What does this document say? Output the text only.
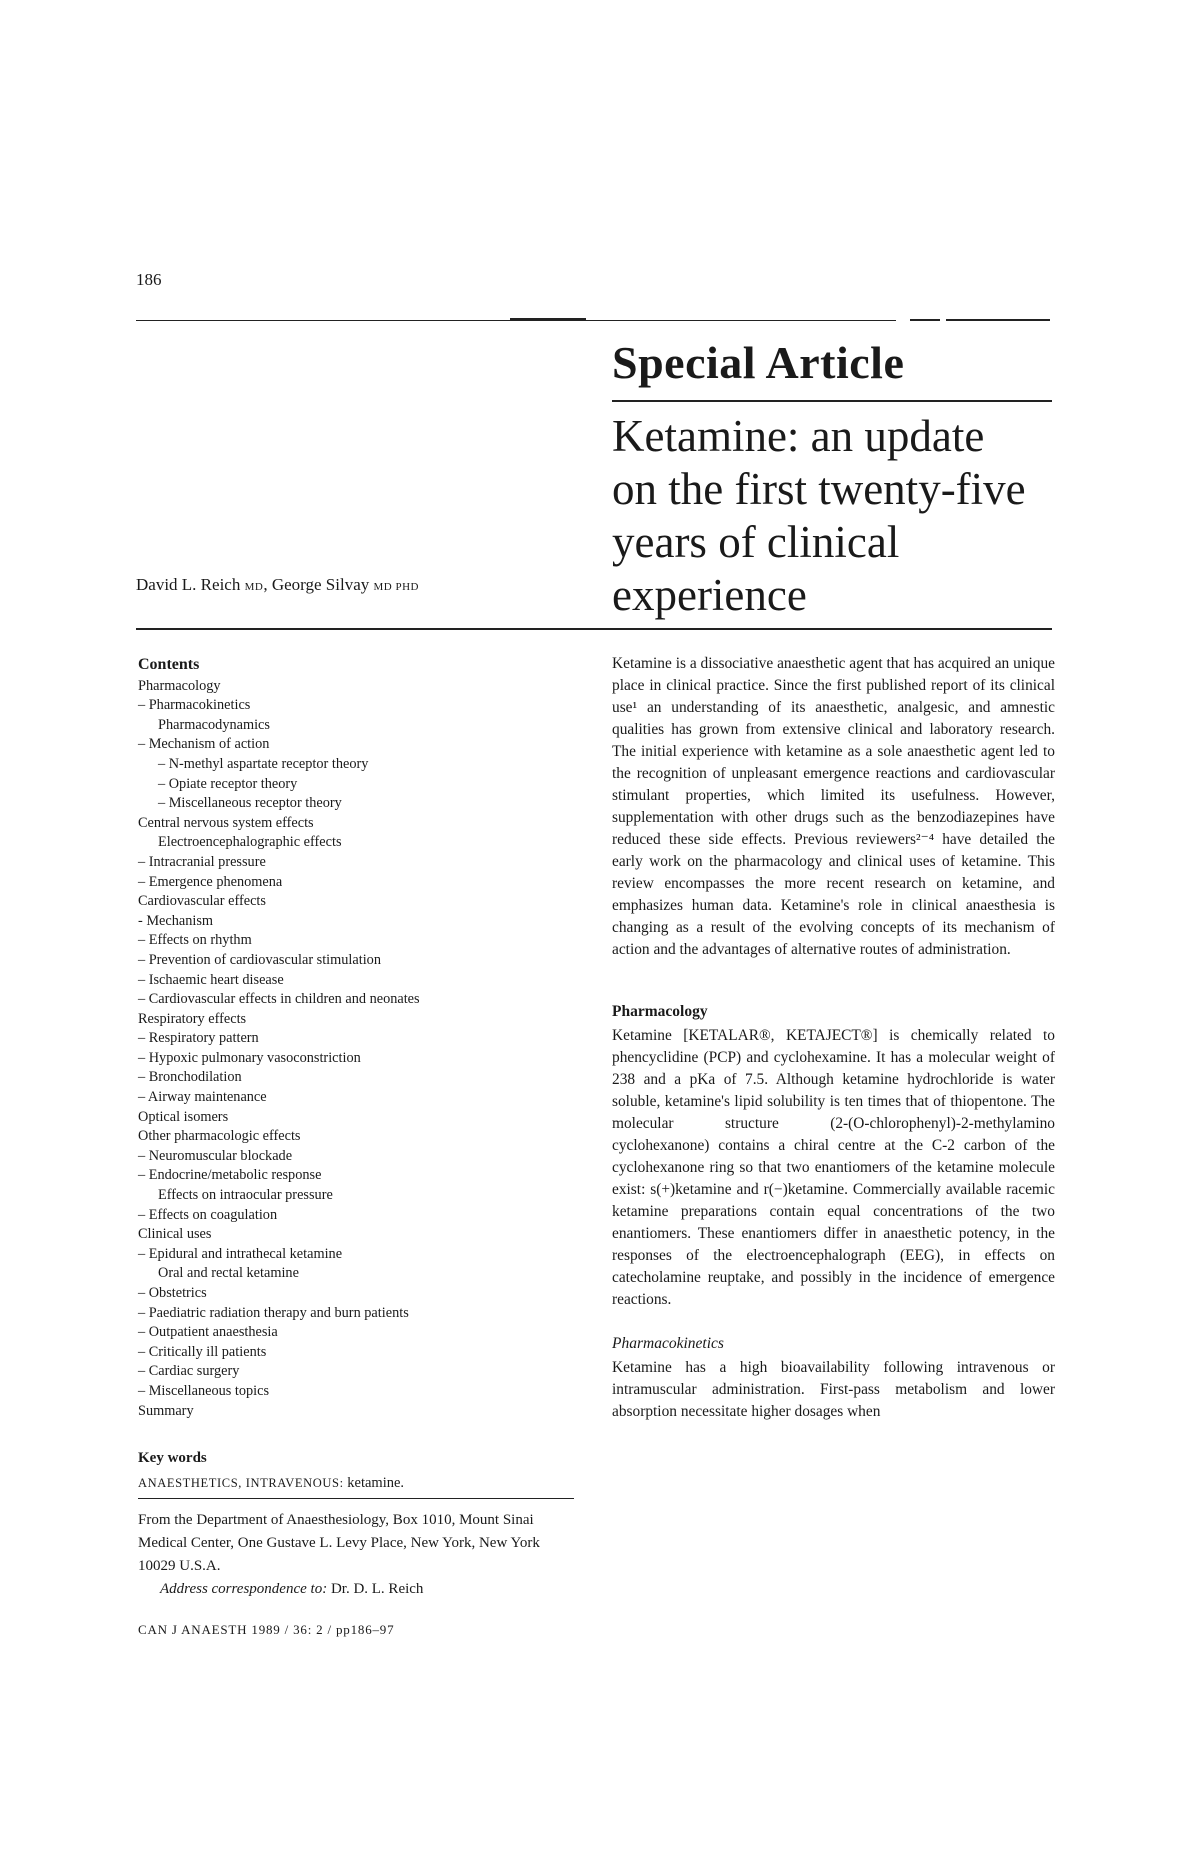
186
Special Article
Ketamine: an update
on the first twenty-five
years of clinical
experience
David L. Reich MD, George Silvay MD PHD
Contents
Pharmacology
– Pharmacokinetics
Pharmacodynamics
– Mechanism of action
– N-methyl aspartate receptor theory
– Opiate receptor theory
– Miscellaneous receptor theory
Central nervous system effects
Electroencephalographic effects
– Intracranial pressure
– Emergence phenomena
Cardiovascular effects
- Mechanism
– Effects on rhythm
– Prevention of cardiovascular stimulation
– Ischaemic heart disease
– Cardiovascular effects in children and neonates
Respiratory effects
– Respiratory pattern
– Hypoxic pulmonary vasoconstriction
– Bronchodilation
– Airway maintenance
Optical isomers
Other pharmacologic effects
– Neuromuscular blockade
– Endocrine/metabolic response
Effects on intraocular pressure
– Effects on coagulation
Clinical uses
– Epidural and intrathecal ketamine
Oral and rectal ketamine
– Obstetrics
– Paediatric radiation therapy and burn patients
– Outpatient anaesthesia
– Critically ill patients
– Cardiac surgery
– Miscellaneous topics
Summary
Key words
ANAESTHETICS, INTRAVENOUS: ketamine.
From the Department of Anaesthesiology, Box 1010, Mount Sinai Medical Center, One Gustave L. Levy Place, New York, New York 10029 U.S.A.
Address correspondence to: Dr. D. L. Reich
CAN J ANAESTH 1989 / 36: 2 / pp186–97

Ketamine is a dissociative anaesthetic agent that has acquired an unique place in clinical practice. Since the first published report of its clinical use¹ an understanding of its anaesthetic, analgesic, and amnestic qualities has grown from extensive clinical and laboratory research. The initial experience with ketamine as a sole anaesthetic agent led to the recognition of unpleasant emergence reactions and cardiovascular stimulant properties, which limited its usefulness. However, supplementation with other drugs such as the benzodiazepines have reduced these side effects. Previous reviewers²⁻⁴ have detailed the early work on the pharmacology and clinical uses of ketamine. This review encompasses the more recent research on ketamine, and emphasizes human data. Ketamine's role in clinical anaesthesia is changing as a result of the evolving concepts of its mechanism of action and the advantages of alternative routes of administration.

Pharmacology

Ketamine [KETALAR®, KETAJECT®] is chemically related to phencyclidine (PCP) and cyclohexamine. It has a molecular weight of 238 and a pKa of 7.5. Although ketamine hydrochloride is water soluble, ketamine's lipid solubility is ten times that of thiopentone. The molecular structure (2-(O-chlorophenyl)-2-methylamino cyclohexanone) contains a chiral centre at the C-2 carbon of the cyclohexanone ring so that two enantiomers of the ketamine molecule exist: s(+)ketamine and r(−)ketamine. Commercially available racemic ketamine preparations contain equal concentrations of the two enantiomers. These enantiomers differ in anaesthetic potency, in the responses of the electroencephalograph (EEG), in effects on catecholamine reuptake, and possibly in the incidence of emergence reactions.

Pharmacokinetics

Ketamine has a high bioavailability following intravenous or intramuscular administration. First-pass metabolism and lower absorption necessitate higher dosages when
